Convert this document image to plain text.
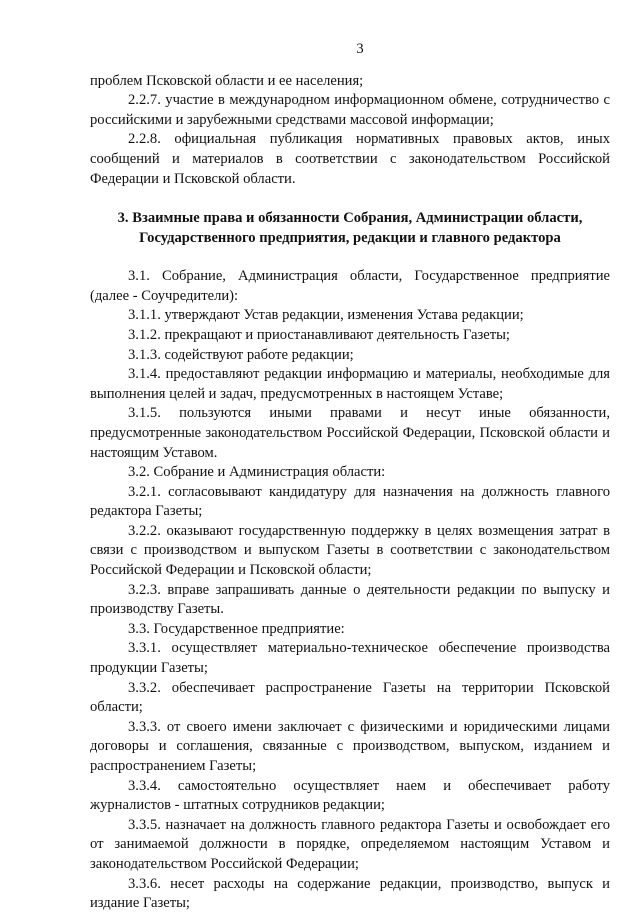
3

проблем Псковской области и ее населения;

2.2.7. участие в международном информационном обмене, сотрудничество с российскими и зарубежными средствами массовой информации;

2.2.8. официальная публикация нормативных правовых актов, иных сообщений и материалов в соответствии с законодательством Российской Федерации и Псковской области.

3. Взаимные права и обязанности Собрания, Администрации области,
Государственного предприятия, редакции и главного редактора

3.1. Собрание, Администрация области, Государственное предприятие (далее - Соучредители):

3.1.1. утверждают Устав редакции, изменения Устава редакции;

3.1.2. прекращают и приостанавливают деятельность Газеты;

3.1.3. содействуют работе редакции;

3.1.4. предоставляют редакции информацию и материалы, необходимые для выполнения целей и задач, предусмотренных в настоящем Уставе;

3.1.5. пользуются иными правами и несут иные обязанности, предусмотренные законодательством Российской Федерации, Псковской области и настоящим Уставом.

3.2. Собрание и Администрация области:

3.2.1. согласовывают кандидатуру для назначения на должность главного редактора Газеты;

3.2.2. оказывают государственную поддержку в целях возмещения затрат в связи с производством и выпуском Газеты в соответствии с законодательством Российской Федерации и Псковской области;

3.2.3. вправе запрашивать данные о деятельности редакции по выпуску и производству Газеты.

3.3. Государственное предприятие:

3.3.1. осуществляет материально-техническое обеспечение производства продукции Газеты;

3.3.2. обеспечивает распространение Газеты на территории Псковской области;

3.3.3. от своего имени заключает с физическими и юридическими лицами договоры и соглашения, связанные с производством, выпуском, изданием и распространением Газеты;

3.3.4. самостоятельно осуществляет наем и обеспечивает работу журналистов - штатных сотрудников редакции;

3.3.5. назначает на должность главного редактора Газеты и освобождает его от занимаемой должности в порядке, определяемом настоящим Уставом и законодательством Российской Федерации;

3.3.6. несет расходы на содержание редакции, производство, выпуск и издание Газеты;
